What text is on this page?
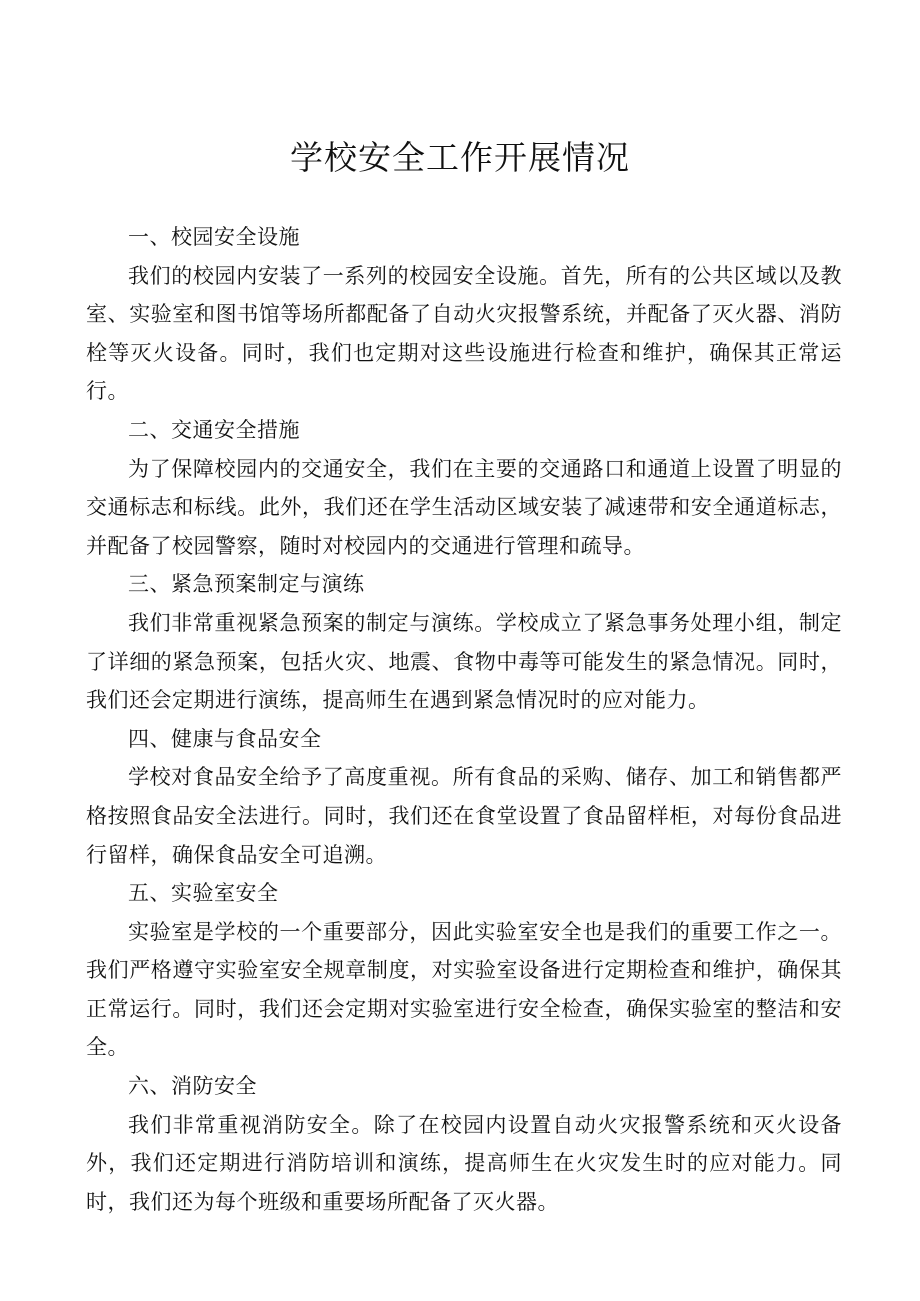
学校安全工作开展情况

一、校园安全设施

我们的校园内安装了一系列的校园安全设施。首先，所有的公共区域以及教室、实验室和图书馆等场所都配备了自动火灾报警系统，并配备了灭火器、消防栓等灭火设备。同时，我们也定期对这些设施进行检查和维护，确保其正常运行。

二、交通安全措施

为了保障校园内的交通安全，我们在主要的交通路口和通道上设置了明显的交通标志和标线。此外，我们还在学生活动区域安装了减速带和安全通道标志，并配备了校园警察，随时对校园内的交通进行管理和疏导。

三、紧急预案制定与演练

我们非常重视紧急预案的制定与演练。学校成立了紧急事务处理小组，制定了详细的紧急预案，包括火灾、地震、食物中毒等可能发生的紧急情况。同时，我们还会定期进行演练，提高师生在遇到紧急情况时的应对能力。

四、健康与食品安全

学校对食品安全给予了高度重视。所有食品的采购、储存、加工和销售都严格按照食品安全法进行。同时，我们还在食堂设置了食品留样柜，对每份食品进行留样，确保食品安全可追溯。

五、实验室安全

实验室是学校的一个重要部分，因此实验室安全也是我们的重要工作之一。我们严格遵守实验室安全规章制度，对实验室设备进行定期检查和维护，确保其正常运行。同时，我们还会定期对实验室进行安全检查，确保实验室的整洁和安全。

六、消防安全

我们非常重视消防安全。除了在校园内设置自动火灾报警系统和灭火设备外，我们还定期进行消防培训和演练，提高师生在火灾发生时的应对能力。同时，我们还为每个班级和重要场所配备了灭火器。
